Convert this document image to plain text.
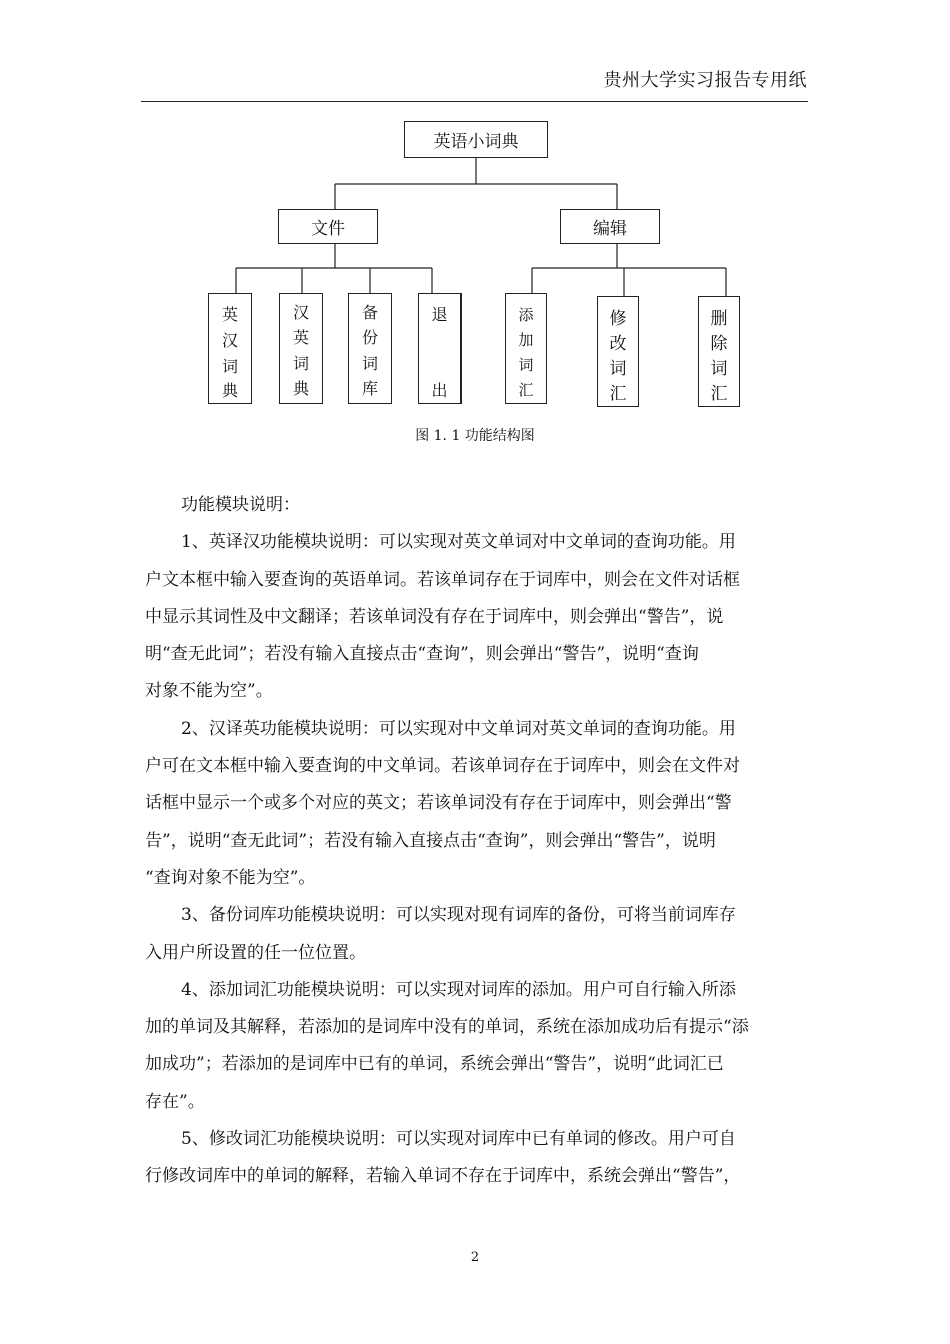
贵州大学实习报告专用纸
英语小词典
文件	编辑
英
汉
词
典
汉
英
词
典
备
份
词
库
退
出
添
加
词
汇
修
改
词
汇
删
除
词
汇
图 1. 1 功能结构图

功能模块说明：

1、英译汉功能模块说明：可以实现对英文单词对中文单词的查询功能。用
户文本框中输入要查询的英语单词。若该单词存在于词库中，则会在文件对话框
中显示其词性及中文翻译；若该单词没有存在于词库中，则会弹出“警告”，说
明“查无此词”；若没有输入直接点击“查询”，则会弹出“警告”，说明“查询
对象不能为空”。

2、汉译英功能模块说明：可以实现对中文单词对英文单词的查询功能。用
户可在文本框中输入要查询的中文单词。若该单词存在于词库中，则会在文件对
话框中显示一个或多个对应的英文；若该单词没有存在于词库中，则会弹出“警
告”，说明“查无此词”；若没有输入直接点击“查询”，则会弹出“警告”，说明
“查询对象不能为空”。

3、备份词库功能模块说明：可以实现对现有词库的备份，可将当前词库存
入用户所设置的任一位位置。

4、添加词汇功能模块说明：可以实现对词库的添加。用户可自行输入所添
加的单词及其解释，若添加的是词库中没有的单词，系统在添加成功后有提示“添
加成功”；若添加的是词库中已有的单词，系统会弹出“警告”，说明“此词汇已
存在”。

5、修改词汇功能模块说明：可以实现对词库中已有单词的修改。用户可自
行修改词库中的单词的解释，若输入单词不存在于词库中，系统会弹出“警告”，

2
